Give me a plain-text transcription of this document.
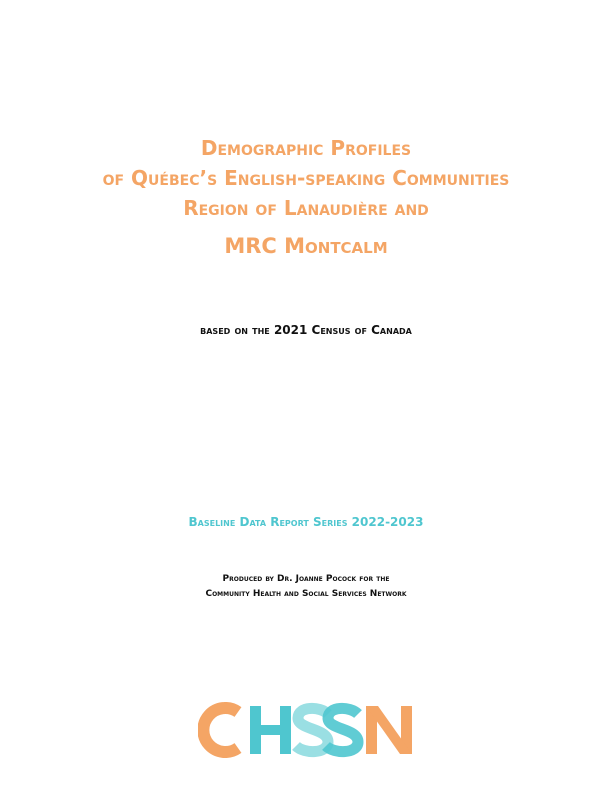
Demographic Profiles
of Québec’s English-speaking Communities
Region of Lanaudière and
MRC Montcalm
based on the 2021 Census of Canada
Baseline Data Report Series 2022-2023
Produced by Dr. Joanne Pocock for the
Community Health and Social Services Network
